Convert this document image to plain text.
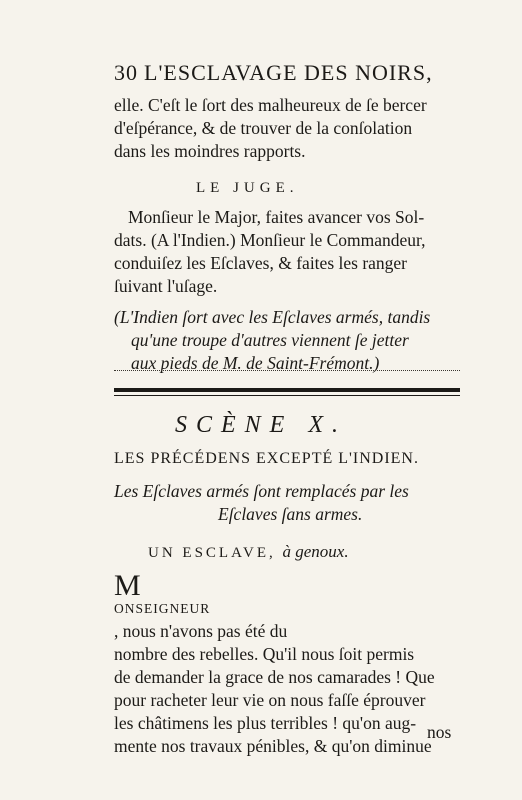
30 L'ESCLAVAGE DES NOIRS,

elle. C'eſt le ſort des malheureux de ſe bercer
d'eſpérance, & de trouver de la conſolation
dans les moindres rapports.

LE JUGE.

Monſieur le Major, faites avancer vos Sol-
dats. (A l'Indien.) Monſieur le Commandeur,
conduiſez les Eſclaves, & faites les ranger
ſuivant l'uſage.

(L'Indien ſort avec les Eſclaves armés, tandis
qu'une troupe d'autres viennent ſe jetter
aux pieds de M. de Saint-Frémont.)

SCÈNE X.
LES PRÉCÉDENS EXCEPTÉ L'INDIEN.

Les Eſclaves armés ſont remplacés par les
Eſclaves ſans armes.

UN ESCLAVE, à genoux.

M
ONSEIGNEUR
, nous n'avons pas été du
nombre des rebelles. Qu'il nous ſoit permis
de demander la grace de nos camarades ! Que
pour racheter leur vie on nous faſſe éprouver
les châtimens les plus terribles ! qu'on aug-
mente nos travaux pénibles, & qu'on diminue

nos
